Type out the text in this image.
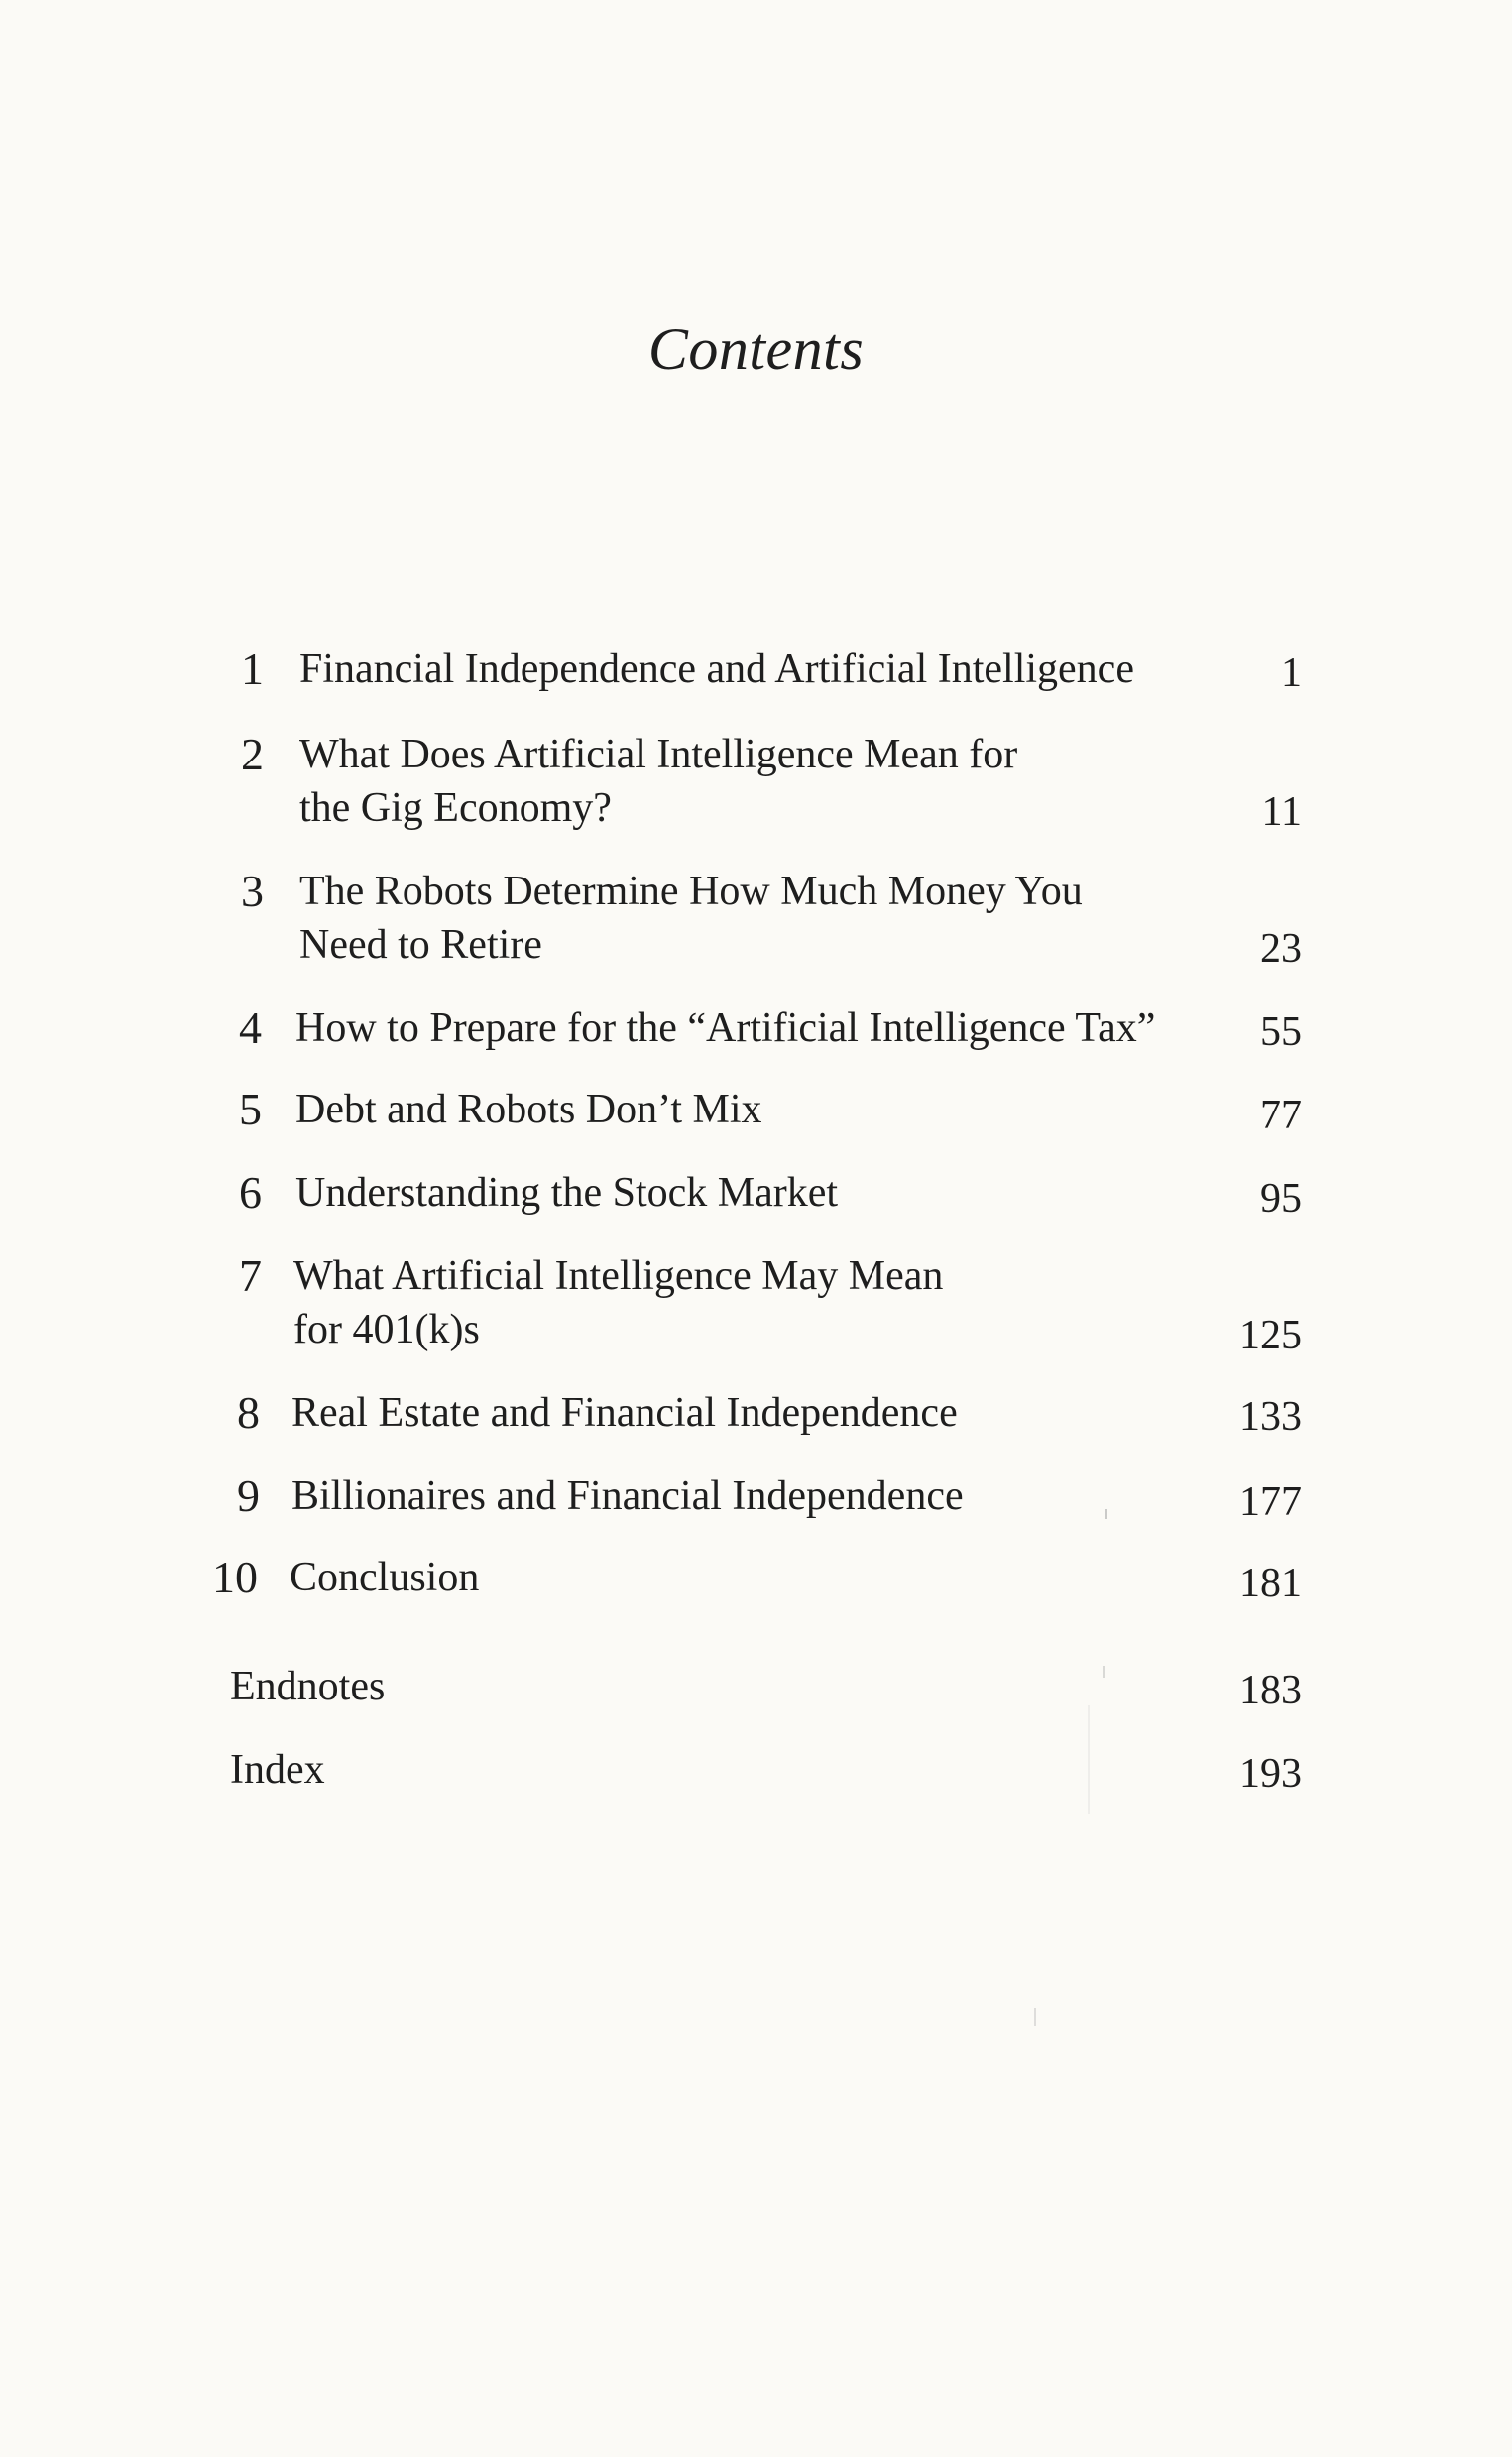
Contents
1 Financial Independence and Artificial Intelligence	1
2 What Does Artificial Intelligence Mean for
the Gig Economy?	11
3 The Robots Determine How Much Money You
Need to Retire	23
4 How to Prepare for the “Artificial Intelligence Tax”	55
5 Debt and Robots Don’t Mix	77
6 Understanding the Stock Market	95
7 What Artificial Intelligence May Mean
for 401(k)s	125
8 Real Estate and Financial Independence	133
9 Billionaires and Financial Independence	177
10 Conclusion	181
Endnotes	183
Index	193
